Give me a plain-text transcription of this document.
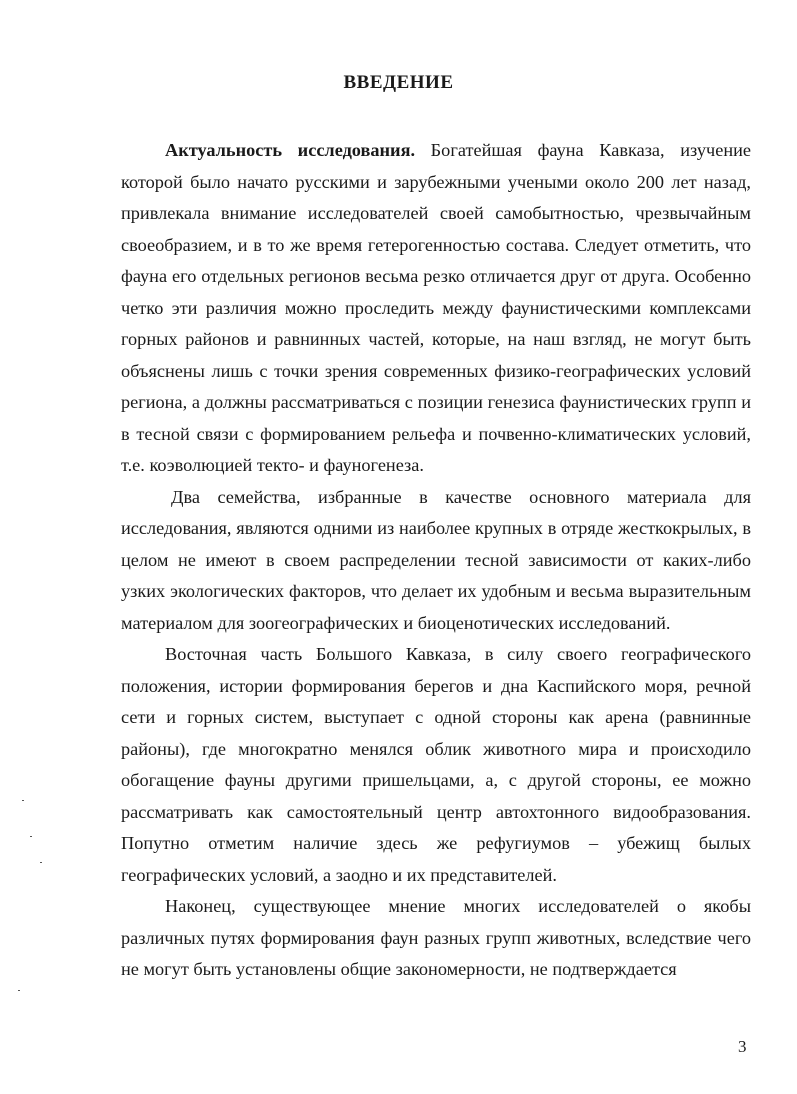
ВВЕДЕНИЕ

Актуальность исследования. Богатейшая фауна Кавказа, изучение которой было начато русскими и зарубежными учеными около 200 лет назад, привлекала внимание исследователей своей самобытностью, чрезвычайным своеобразием, и в то же время гетерогенностью состава. Следует отметить, что фауна его отдельных регионов весьма резко отличается друг от друга. Особенно четко эти различия можно проследить между фаунистическими комплексами горных районов и равнинных частей, которые, на наш взгляд, не могут быть объяснены лишь с точки зрения современных физико-географических условий региона, а должны рассматриваться с позиции генезиса фаунистических групп и в тесной связи с формированием рельефа и почвенно-климатических условий, т.е. коэволюцией текто- и фауногенеза.

Два семейства, избранные в качестве основного материала для исследования, являются одними из наиболее крупных в отряде жесткокрылых, в целом не имеют в своем распределении тесной зависимости от каких-либо узких экологических факторов, что делает их удобным и весьма выразительным материалом для зоогеографических и биоценотических исследований.

Восточная часть Большого Кавказа, в силу своего географического положения, истории формирования берегов и дна Каспийского моря, речной сети и горных систем, выступает с одной стороны как арена (равнинные районы), где многократно менялся облик животного мира и происходило обогащение фауны другими пришельцами, а, с другой стороны, ее можно рассматривать как самостоятельный центр автохтонного видообразования. Попутно отметим наличие здесь же рефугиумов – убежищ былых географических условий, а заодно и их представителей.

Наконец, существующее мнение многих исследователей о якобы различных путях формирования фаун разных групп животных, вследствие чего не могут быть установлены общие закономерности, не подтверждается

3
